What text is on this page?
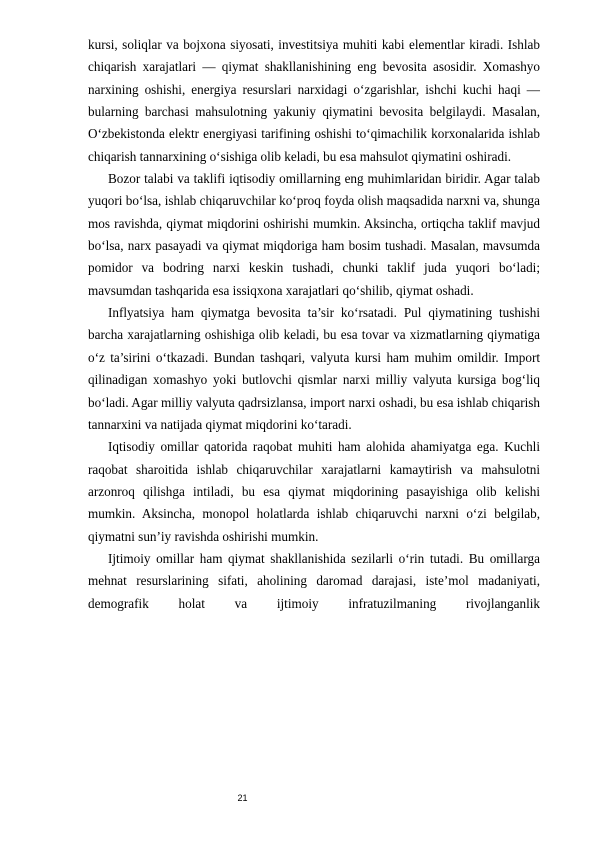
kursi, soliqlar va bojxona siyosati, investitsiya muhiti kabi elementlar kiradi. Ishlab chiqarish xarajatlari — qiymat shakllanishining eng bevosita asosidir. Xomashyo narxining oshishi, energiya resurslari narxidagi o‘zgarishlar, ishchi kuchi haqi — bularning barchasi mahsulotning yakuniy qiymatini bevosita belgilaydi. Masalan, O‘zbekistonda elektr energiyasi tarifining oshishi to‘qimachilik korxonalarida ishlab chiqarish tannarxining o‘sishiga olib keladi, bu esa mahsulot qiymatini oshiradi.

Bozor talabi va taklifi iqtisodiy omillarning eng muhimlaridan biridir. Agar talab yuqori bo‘lsa, ishlab chiqaruvchilar ko‘proq foyda olish maqsadida narxni va, shunga mos ravishda, qiymat miqdorini oshirishi mumkin. Aksincha, ortiqcha taklif mavjud bo‘lsa, narx pasayadi va qiymat miqdoriga ham bosim tushadi. Masalan, mavsumda pomidor va bodring narxi keskin tushadi, chunki taklif juda yuqori bo‘ladi; mavsumdan tashqarida esa issiqxona xarajatlari qo‘shilib, qiymat oshadi.

Inflyatsiya ham qiymatga bevosita ta’sir ko‘rsatadi. Pul qiymatining tushishi barcha xarajatlarning oshishiga olib keladi, bu esa tovar va xizmatlarning qiymatiga o‘z ta’sirini o‘tkazadi. Bundan tashqari, valyuta kursi ham muhim omildir. Import qilinadigan xomashyo yoki butlovchi qismlar narxi milliy valyuta kursiga bog‘liq bo‘ladi. Agar milliy valyuta qadrsizlansa, import narxi oshadi, bu esa ishlab chiqarish tannarxini va natijada qiymat miqdorini ko‘taradi.

Iqtisodiy omillar qatorida raqobat muhiti ham alohida ahamiyatga ega. Kuchli raqobat sharoitida ishlab chiqaruvchilar xarajatlarni kamaytirish va mahsulotni arzonroq qilishga intiladi, bu esa qiymat miqdorining pasayishiga olib kelishi mumkin. Aksincha, monopol holatlarda ishlab chiqaruvchi narxni o‘zi belgilab, qiymatni sun’iy ravishda oshirishi mumkin.

Ijtimoiy omillar ham qiymat shakllanishida sezilarli o‘rin tutadi. Bu omillarga mehnat resurslarining sifati, aholining daromad darajasi, iste’mol madaniyati, demografik holat va ijtimoiy infratuzilmaning rivojlanganlik

21
